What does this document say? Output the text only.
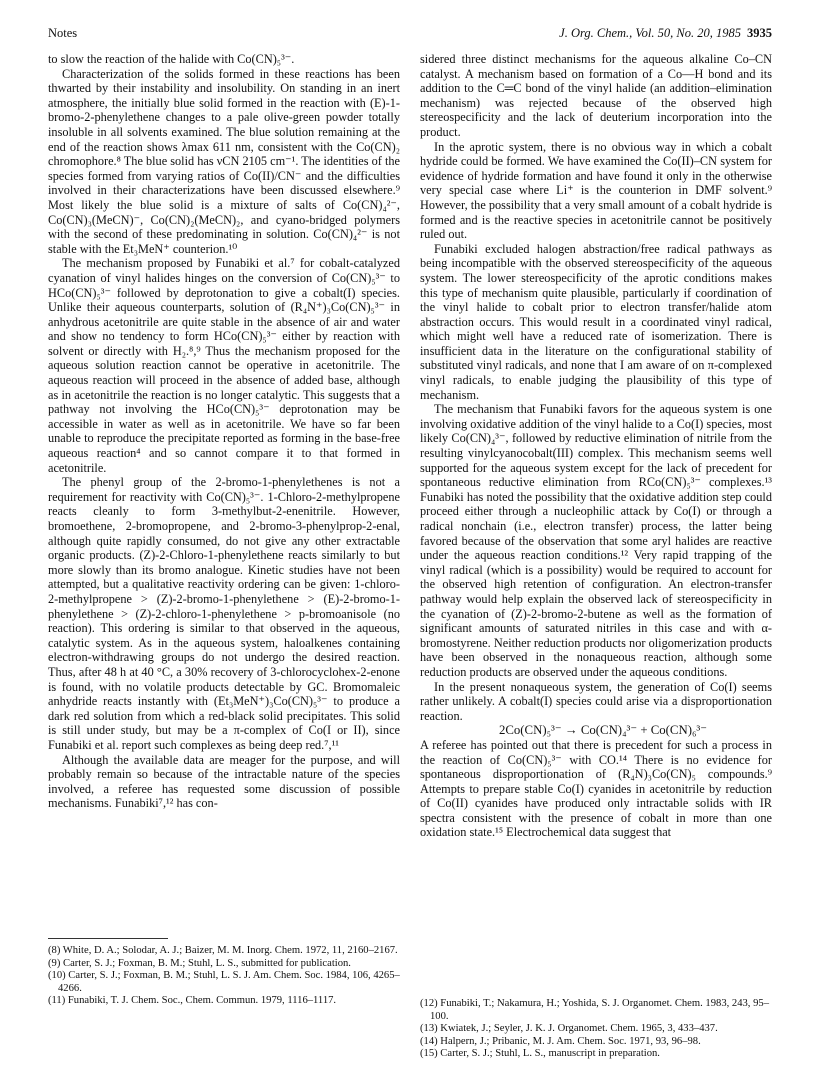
Notes	J. Org. Chem., Vol. 50, No. 20, 1985 3935

to slow the reaction of the halide with Co(CN)₅³⁻.

Characterization of the solids formed in these reactions has been thwarted by their instability and insolubility. On standing in an inert atmosphere, the initially blue solid formed in the reaction with (E)-1-bromo-2-phenylethene changes to a pale olive-green powder totally insoluble in all solvents examined. The blue solution remaining at the end of the reaction shows λmax 611 nm, consistent with the Co(CN)₂ chromophore.⁸ The blue solid has νCN 2105 cm⁻¹. The identities of the species formed from varying ratios of Co(II)/CN⁻ and the difficulties involved in their characterizations have been discussed elsewhere.⁹ Most likely the blue solid is a mixture of salts of Co(CN)₄²⁻, Co(CN)₃(MeCN)⁻, Co(CN)₂(MeCN)₂, and cyano-bridged polymers with the second of these predominating in solution. Co(CN)₄²⁻ is not stable with the Et₃MeN⁺ counterion.¹⁰

The mechanism proposed by Funabiki et al.⁷ for cobalt-catalyzed cyanation of vinyl halides hinges on the conversion of Co(CN)₅³⁻ to HCo(CN)₅³⁻ followed by deprotonation to give a cobalt(I) species. Unlike their aqueous counterparts, solution of (R₄N⁺)₃Co(CN)₅³⁻ in anhydrous acetonitrile are quite stable in the absence of air and water and show no tendency to form HCo(CN)₅³⁻ either by reaction with solvent or directly with H₂.⁸,⁹ Thus the mechanism proposed for the aqueous solution reaction cannot be operative in acetonitrile. The aqueous reaction will proceed in the absence of added base, although as in acetonitrile the reaction is no longer catalytic. This suggests that a pathway not involving the HCo(CN)₅³⁻ deprotonation may be accessible in water as well as in acetonitrile. We have so far been unable to reproduce the precipitate reported as forming in the base-free aqueous reaction⁴ and so cannot compare it to that formed in acetonitrile.

The phenyl group of the 2-bromo-1-phenylethenes is not a requirement for reactivity with Co(CN)₅³⁻. 1-Chloro-2-methylpropene reacts cleanly to form 3-methylbut-2-enenitrile. However, bromoethene, 2-bromopropene, and 2-bromo-3-phenylprop-2-enal, although quite rapidly consumed, do not give any other extractable organic products. (Z)-2-Chloro-1-phenylethene reacts similarly to but more slowly than its bromo analogue. Kinetic studies have not been attempted, but a qualitative reactivity ordering can be given: 1-chloro-2-methylpropene > (Z)-2-bromo-1-phenylethene > (E)-2-bromo-1-phenylethene > (Z)-2-chloro-1-phenylethene > p-bromoanisole (no reaction). This ordering is similar to that observed in the aqueous, catalytic system. As in the aqueous system, haloalkenes containing electron-withdrawing groups do not undergo the desired reaction. Thus, after 48 h at 40 °C, a 30% recovery of 3-chlorocyclohex-2-enone is found, with no volatile products detectable by GC. Bromomaleic anhydride reacts instantly with (Et₃MeN⁺)₃Co(CN)₅³⁻ to produce a dark red solution from which a red-black solid precipitates. This solid is still under study, but may be a π-complex of Co(I or II), since Funabiki et al. report such complexes as being deep red.⁷,¹¹

Although the available data are meager for the purpose, and will probably remain so because of the intractable nature of the species involved, a referee has requested some discussion of possible mechanisms. Funabiki⁷,¹² has con-

sidered three distinct mechanisms for the aqueous alkaline Co–CN catalyst. A mechanism based on formation of a Co—H bond and its addition to the C═C bond of the vinyl halide (an addition–elimination mechanism) was rejected because of the observed high stereospecificity and the lack of deuterium incorporation into the product.

In the aprotic system, there is no obvious way in which a cobalt hydride could be formed. We have examined the Co(II)–CN system for evidence of hydride formation and have found it only in the otherwise very special case where Li⁺ is the counterion in DMF solvent.⁹ However, the possibility that a very small amount of a cobalt hydride is formed and is the reactive species in acetonitrile cannot be positively ruled out.

Funabiki excluded halogen abstraction/free radical pathways as being incompatible with the observed stereospecificity of the aqueous system. The lower stereospecificity of the aprotic conditions makes this type of mechanism quite plausible, particularly if coordination of the vinyl halide to cobalt prior to electron transfer/halide atom abstraction occurs. This would result in a coordinated vinyl radical, which might well have a reduced rate of isomerization. There is insufficient data in the literature on the configurational stability of substituted vinyl radicals, and none that I am aware of on π-complexed vinyl radicals, to enable judging the plausibility of this type of mechanism.

The mechanism that Funabiki favors for the aqueous system is one involving oxidative addition of the vinyl halide to a Co(I) species, most likely Co(CN)₄³⁻, followed by reductive elimination of nitrile from the resulting vinylcyanocobalt(III) complex. This mechanism seems well supported for the aqueous system except for the lack of precedent for spontaneous reductive elimination from RCo(CN)₅³⁻ complexes.¹³ Funabiki has noted the possibility that the oxidative addition step could proceed either through a nucleophilic attack by Co(I) or through a radical nonchain (i.e., electron transfer) process, the latter being favored because of the observation that some aryl halides are reactive under the aqueous reaction conditions.¹² Very rapid trapping of the vinyl radical (which is a possibility) would be required to account for the observed high retention of configuration. An electron-transfer pathway would help explain the observed lack of stereospecificity in the cyanation of (Z)-2-bromo-2-butene as well as the formation of significant amounts of saturated nitriles in this case and with α-bromostyrene. Neither reduction products nor oligomerization products have been observed in the nonaqueous reaction, although some reduction products are observed under the aqueous conditions.

In the present nonaqueous system, the generation of Co(I) seems rather unlikely. A cobalt(I) species could arise via a disproportionation reaction.

2Co(CN)₅³⁻ → Co(CN)₄³⁻ + Co(CN)₆³⁻

A referee has pointed out that there is precedent for such a process in the reaction of Co(CN)₅³⁻ with CO.¹⁴ There is no evidence for spontaneous disproportionation of (R₄N)₃Co(CN)₅ compounds.⁹ Attempts to prepare stable Co(I) cyanides in acetonitrile by reduction of Co(II) cyanides have produced only intractable solids with IR spectra consistent with the presence of cobalt in more than one oxidation state.¹⁵ Electrochemical data suggest that

(8) White, D. A.; Solodar, A. J.; Baizer, M. M. Inorg. Chem. 1972, 11, 2160–2167.
(9) Carter, S. J.; Foxman, B. M.; Stuhl, L. S., submitted for publication.
(10) Carter, S. J.; Foxman, B. M.; Stuhl, L. S. J. Am. Chem. Soc. 1984, 106, 4265–4266.
(11) Funabiki, T. J. Chem. Soc., Chem. Commun. 1979, 1116–1117.	(12) Funabiki, T.; Nakamura, H.; Yoshida, S. J. Organomet. Chem. 1983, 243, 95–100.
(13) Kwiatek, J.; Seyler, J. K. J. Organomet. Chem. 1965, 3, 433–437.
(14) Halpern, J.; Pribanic, M. J. Am. Chem. Soc. 1971, 93, 96–98.
(15) Carter, S. J.; Stuhl, L. S., manuscript in preparation.
